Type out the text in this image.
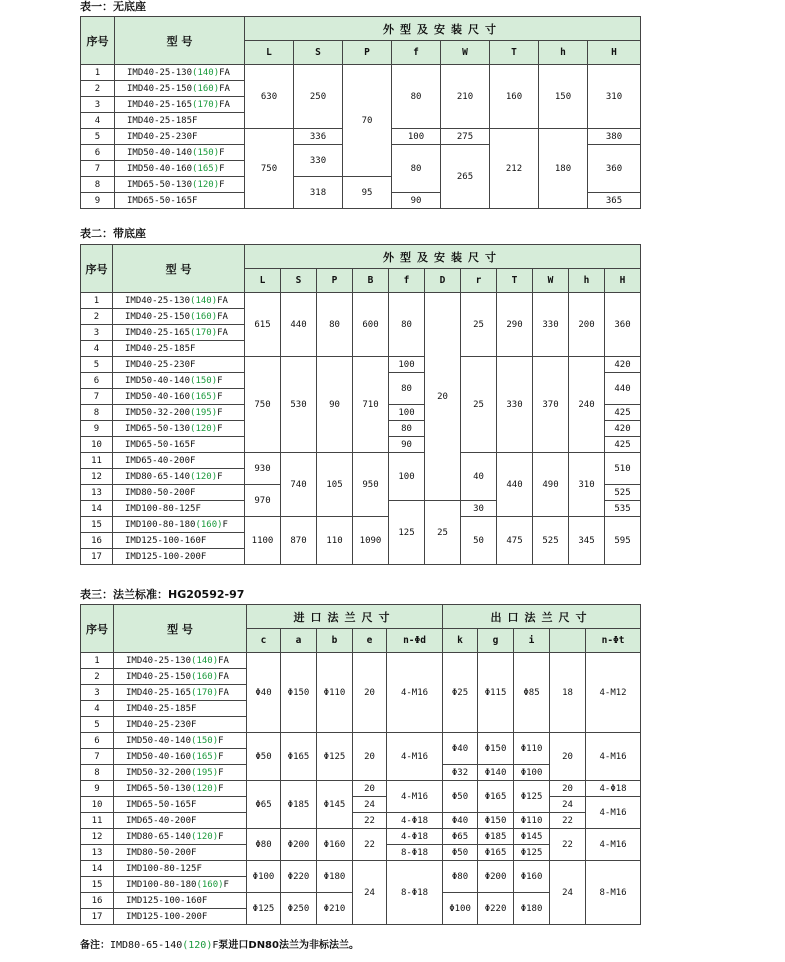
表一：无底座
序号	型 号	外型及安装尺寸							
		L	S	P	f	W	T	h	H
1	IMD40-25-130(140)FA	630	250	70	80	210	160	150	310
2	IMD40-25-150(160)FA								
3	IMD40-25-165(170)FA								
4	IMD40-25-185F								
5	IMD40-25-230F	750	336		100	275	212	180	380
6	IMD50-40-140(150)F		330		80	265			360
7	IMD50-40-160(165)F								
8	IMD65-50-130(120)F		318	95					
9	IMD65-50-165F				90				365
表二：带底座
序号	型 号	外型及安装尺寸										
		L	S	P	B	f	D	r	T	W	h	H
1	IMD40-25-130(140)FA	615	440	80	600	80	20	25	290	330	200	360
2	IMD40-25-150(160)FA											
3	IMD40-25-165(170)FA											
4	IMD40-25-185F											
5	IMD40-25-230F	750	530	90	710	100		25	330	370	240	420
6	IMD50-40-140(150)F					80						440
7	IMD50-40-160(165)F											
8	IMD50-32-200(195)F					100						425
9	IMD65-50-130(120)F					80						420
10	IMD65-50-165F					90						425
11	IMD65-40-200F	930	740	105	950	100		40	440	490	310	510
12	IMD80-65-140(120)F											
13	IMD80-50-200F	970										525
14	IMD100-80-125F					125	25	30				535
15	IMD100-80-180(160)F	1100	870	110	1090			50	475	525	345	595
16	IMD125-100-160F											
17	IMD125-100-200F											
表三：法兰标准：HG20592-97
序号	型 号	进口法兰尺寸					出口法兰尺寸				
		c	a	b	e	n-Φd	k	g	i		n-Φt
1	IMD40-25-130(140)FA	Φ40	Φ150	Φ110	20	4-M16	Φ25	Φ115	Φ85	18	4-M12
2	IMD40-25-150(160)FA										
3	IMD40-25-165(170)FA										
4	IMD40-25-185F										
5	IMD40-25-230F										
6	IMD50-40-140(150)F	Φ50	Φ165	Φ125	20	4-M16	Φ40	Φ150	Φ110	20	4-M16
7	IMD50-40-160(165)F										
8	IMD50-32-200(195)F						Φ32	Φ140	Φ100		
9	IMD65-50-130(120)F	Φ65	Φ185	Φ145	20	4-M16	Φ50	Φ165	Φ125	20	4-Φ18
10	IMD65-50-165F				24					24	4-M16
11	IMD65-40-200F				22	4-Φ18	Φ40	Φ150	Φ110	22	
12	IMD80-65-140(120)F	Φ80	Φ200	Φ160	22	4-Φ18	Φ65	Φ185	Φ145	22	4-M16
13	IMD80-50-200F					8-Φ18	Φ50	Φ165	Φ125		
14	IMD100-80-125F	Φ100	Φ220	Φ180	24	8-Φ18	Φ80	Φ200	Φ160	24	8-M16
15	IMD100-80-180(160)F										
16	IMD125-100-160F	Φ125	Φ250	Φ210			Φ100	Φ220	Φ180		
17	IMD125-100-200F										
备注：IMD80-65-140(120)F泵进口DN80法兰为非标法兰。
